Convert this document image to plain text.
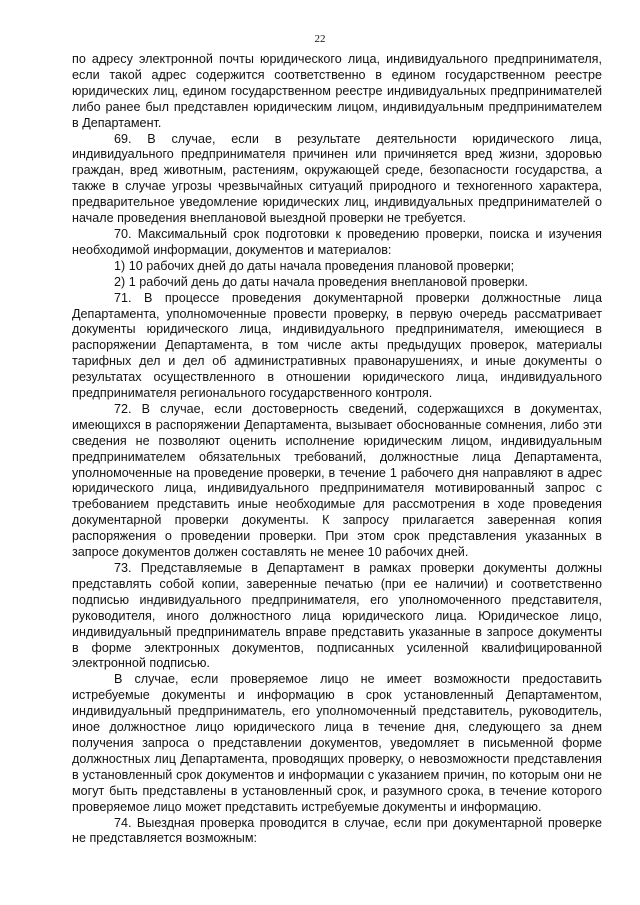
22

по адресу электронной почты юридического лица, индивидуального предпринимателя, если такой адрес содержится соответственно в едином государственном реестре юридических лиц, едином государственном реестре индивидуальных предпринимателей либо ранее был представлен юридическим лицом, индивидуальным предпринимателем в Департамент.

69. В случае, если в результате деятельности юридического лица, индивидуального предпринимателя причинен или причиняется вред жизни, здоровью граждан, вред животным, растениям, окружающей среде, безопасности государства, а также в случае угрозы чрезвычайных ситуаций природного и техногенного характера, предварительное уведомление юридических лиц, индивидуальных предпринимателей о начале проведения внеплановой выездной проверки не требуется.

70. Максимальный срок подготовки к проведению проверки, поиска и изучения необходимой информации, документов и материалов:

1) 10 рабочих дней до даты начала проведения плановой проверки;

2) 1 рабочий день до даты начала проведения внеплановой проверки.

71. В процессе проведения документарной проверки должностные лица Департамента, уполномоченные провести проверку, в первую очередь рассматривает документы юридического лица, индивидуального предпринимателя, имеющиеся в распоряжении Департамента, в том числе акты предыдущих проверок, материалы тарифных дел и дел об административных правонарушениях, и иные документы о результатах осуществленного в отношении юридического лица, индивидуального предпринимателя регионального государственного контроля.

72. В случае, если достоверность сведений, содержащихся в документах, имеющихся в распоряжении Департамента, вызывает обоснованные сомнения, либо эти сведения не позволяют оценить исполнение юридическим лицом, индивидуальным предпринимателем обязательных требований, должностные лица Департамента, уполномоченные на проведение проверки, в течение 1 рабочего дня направляют в адрес юридического лица, индивидуального предпринимателя мотивированный запрос с требованием представить иные необходимые для рассмотрения в ходе проведения документарной проверки документы. К запросу прилагается заверенная копия распоряжения о проведении проверки. При этом срок представления указанных в запросе документов должен составлять не менее 10 рабочих дней.

73. Представляемые в Департамент в рамках проверки документы должны представлять собой копии, заверенные печатью (при ее наличии) и соответственно подписью индивидуального предпринимателя, его уполномоченного представителя, руководителя, иного должностного лица юридического лица. Юридическое лицо, индивидуальный предприниматель вправе представить указанные в запросе документы в форме электронных документов, подписанных усиленной квалифицированной электронной подписью.

В случае, если проверяемое лицо не имеет возможности предоставить истребуемые документы и информацию в срок установленный Департаментом, индивидуальный предприниматель, его уполномоченный представитель, руководитель, иное должностное лицо юридического лица в течение дня, следующего за днем получения запроса о представлении документов, уведомляет в письменной форме должностных лиц Департамента, проводящих проверку, о невозможности представления в установленный срок документов и информации с указанием причин, по которым они не могут быть представлены в установленный срок, и разумного срока, в течение которого проверяемое лицо может представить истребуемые документы и информацию.

74. Выездная проверка проводится в случае, если при документарной проверке не представляется возможным:
